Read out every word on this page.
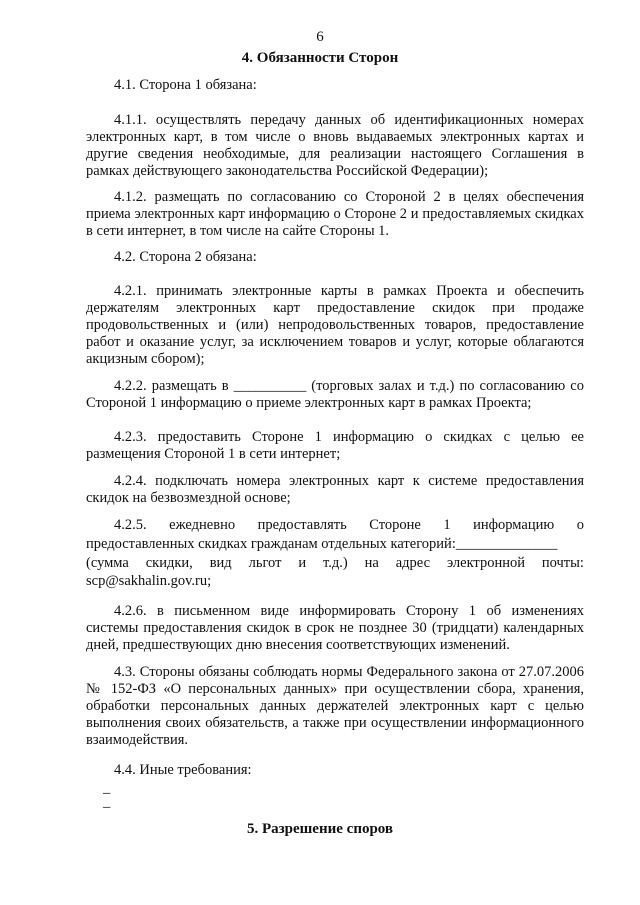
6
4. Обязанности Сторон
4.1. Сторона 1 обязана:
4.1.1. осуществлять передачу данных об идентификационных номерах электронных карт, в том числе о вновь выдаваемых электронных картах и другие сведения необходимые, для реализации настоящего Соглашения в рамках действующего законодательства Российской Федерации);
4.1.2. размещать по согласованию со Стороной 2 в целях обеспечения приема электронных карт информацию о Стороне 2 и предоставляемых скидках в сети интернет, в том числе на сайте Стороны 1.
4.2. Сторона 2 обязана:
4.2.1. принимать электронные карты в рамках Проекта и обеспечить держателям электронных карт предоставление скидок при продаже продовольственных и (или) непродовольственных товаров, предоставление работ и оказание услуг, за исключением товаров и услуг, которые облагаются акцизным сбором);
4.2.2. размещать в __________ (торговых залах и т.д.) по согласованию со Стороной 1 информацию о приеме электронных карт в рамках Проекта;
4.2.3. предоставить Стороне 1 информацию о скидках с целью ее размещения Стороной 1 в сети интернет;
4.2.4. подключать номера электронных карт к системе предоставления скидок на безвозмездной основе;
4.2.5. ежедневно предоставлять Стороне 1 информацию о
предоставленных скидках гражданам отдельных категорий:______________
(сумма скидки, вид льгот и т.д.) на адрес электронной почты:
scp@sakhalin.gov.ru;
4.2.6. в письменном виде информировать Сторону 1 об изменениях системы предоставления скидок в срок не позднее 30 (тридцати) календарных дней, предшествующих дню внесения соответствующих изменений.
4.3. Стороны обязаны соблюдать нормы Федерального закона от 27.07.2006 № 152-ФЗ «О персональных данных» при осуществлении сбора, хранения, обработки персональных данных держателей электронных карт с целью выполнения своих обязательств, а также при осуществлении информационного взаимодействия.
4.4. Иные требования:
–
–
5. Разрешение споров
